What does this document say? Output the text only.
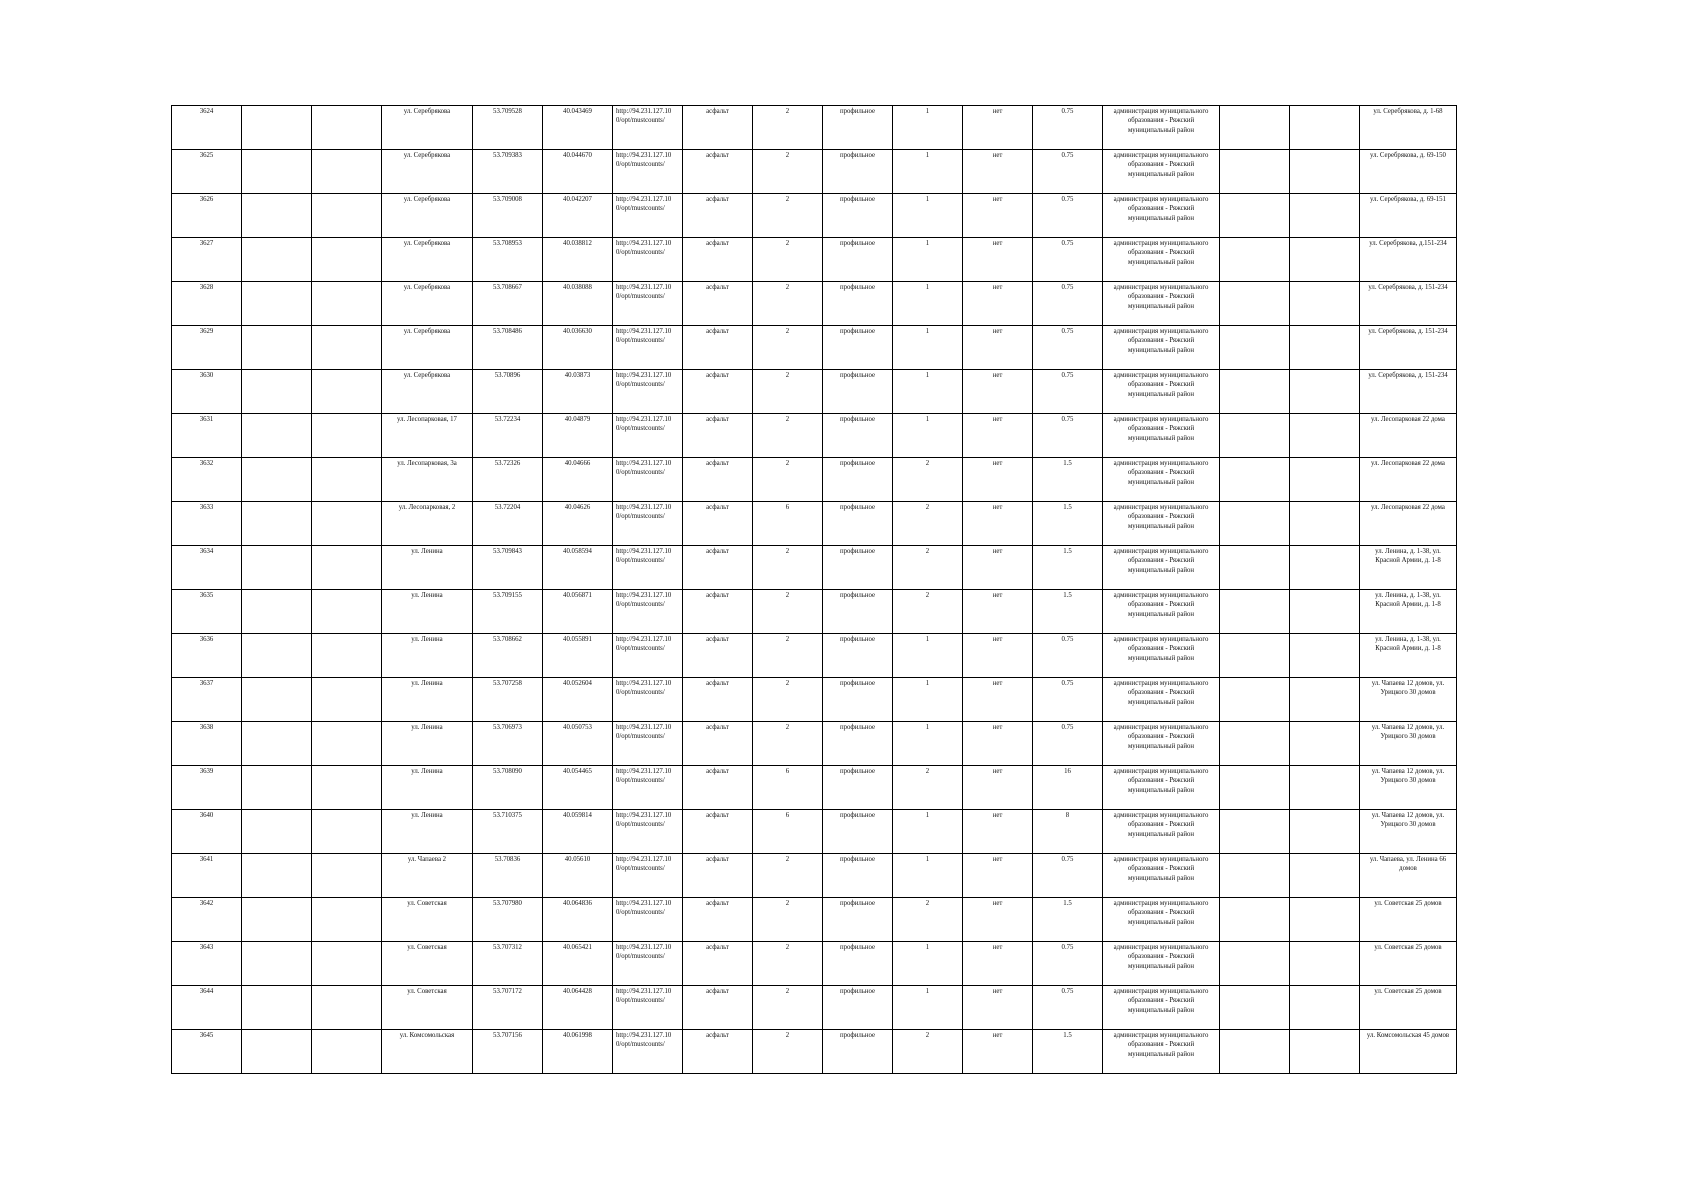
3624			ул. Серебрякова	53.709528	40.043469	http://94.231.127.10
0/opt/mustcounts/	асфальт	2	профильное	1	нет	0.75	администрация муниципального образования - Ряжский муниципальный район			ул. Серебрякова, д. 1-68
3625			ул. Серебрякова	53.709383	40.044670	http://94.231.127.10
0/opt/mustcounts/	асфальт	2	профильное	1	нет	0.75	администрация муниципального образования - Ряжский муниципальный район			ул. Серебрякова, д. 69-150
3626			ул. Серебрякова	53.709008	40.042207	http://94.231.127.10
0/opt/mustcounts/	асфальт	2	профильное	1	нет	0.75	администрация муниципального образования - Ряжский муниципальный район			ул. Серебрякова, д. 69-151
3627			ул. Серебрякова	53.708953	40.038812	http://94.231.127.10
0/opt/mustcounts/	асфальт	2	профильное	1	нет	0.75	администрация муниципального образования - Ряжский муниципальный район			ул. Серебрякова, д.151-234
3628			ул. Серебрякова	53.708667	40.038088	http://94.231.127.10
0/opt/mustcounts/	асфальт	2	профильное	1	нет	0.75	администрация муниципального образования - Ряжский муниципальный район			ул. Серебрякова, д. 151-234
3629			ул. Серебрякова	53.708486	40.036630	http://94.231.127.10
0/opt/mustcounts/	асфальт	2	профильное	1	нет	0.75	администрация муниципального образования - Ряжский муниципальный район			ул. Серебрякова, д. 151-234
3630			ул. Серебрякова	53.70896	40.03873	http://94.231.127.10
0/opt/mustcounts/	асфальт	2	профильное	1	нет	0.75	администрация муниципального образования - Ряжский муниципальный район			ул. Серебрякова, д. 151-234
3631			ул. Лесопарковая, 17	53.72234	40.04879	http://94.231.127.10
0/opt/mustcounts/	асфальт	2	профильное	1	нет	0.75	администрация муниципального образования - Ряжский муниципальный район			ул. Лесопарковая 22 дома
3632			ул. Лесопарковая, 3а	53.72326	40.04666	http://94.231.127.10
0/opt/mustcounts/	асфальт	2	профильное	2	нет	1.5	администрация муниципального образования - Ряжский муниципальный район			ул. Лесопарковая 22 дома
3633			ул. Лесопарковая, 2	53.72204	40.04626	http://94.231.127.10
0/opt/mustcounts/	асфальт	6	профильное	2	нет	1.5	администрация муниципального образования - Ряжский муниципальный район			ул. Лесопарковая 22 дома
3634			ул. Ленина	53.709843	40.058594	http://94.231.127.10
0/opt/mustcounts/	асфальт	2	профильное	2	нет	1.5	администрация муниципального образования - Ряжский муниципальный район			ул. Ленина, д. 1-38, ул. Красной Армии, д. 1-8
3635			ул. Ленина	53.709155	40.056871	http://94.231.127.10
0/opt/mustcounts/	асфальт	2	профильное	2	нет	1.5	администрация муниципального образования - Ряжский муниципальный район			ул. Ленина, д. 1-38, ул. Красной Армии, д. 1-8
3636			ул. Ленина	53.708662	40.055891	http://94.231.127.10
0/opt/mustcounts/	асфальт	2	профильное	1	нет	0.75	администрация муниципального образования - Ряжский муниципальный район			ул. Ленина, д. 1-38, ул. Красной Армии, д. 1-8
3637			ул. Ленина	53.707258	40.052604	http://94.231.127.10
0/opt/mustcounts/	асфальт	2	профильное	1	нет	0.75	администрация муниципального образования - Ряжский муниципальный район			ул. Чапаева 12 домов, ул. Урицкого 30 домов
3638			ул. Ленина	53.706973	40.050753	http://94.231.127.10
0/opt/mustcounts/	асфальт	2	профильное	1	нет	0.75	администрация муниципального образования - Ряжский муниципальный район			ул. Чапаева 12 домов, ул. Урицкого 30 домов
3639			ул. Ленина	53.708090	40.054465	http://94.231.127.10
0/opt/mustcounts/	асфальт	6	профильное	2	нет	16	администрация муниципального образования - Ряжский муниципальный район			ул. Чапаева 12 домов, ул. Урицкого 30 домов
3640			ул. Ленина	53.710375	40.059814	http://94.231.127.10
0/opt/mustcounts/	асфальт	6	профильное	1	нет	8	администрация муниципального образования - Ряжский муниципальный район			ул. Чапаева 12 домов, ул. Урицкого 30 домов
3641			ул. Чапаева 2	53.70836	40.05610	http://94.231.127.10
0/opt/mustcounts/	асфальт	2	профильное	1	нет	0.75	администрация муниципального образования - Ряжский муниципальный район			ул. Чапаева, ул. Ленина 66 домов
3642			ул. Советская	53.707980	40.064836	http://94.231.127.10
0/opt/mustcounts/	асфальт	2	профильное	2	нет	1.5	администрация муниципального образования - Ряжский муниципальный район			ул. Советская 25 домов
3643			ул. Советская	53.707312	40.065421	http://94.231.127.10
0/opt/mustcounts/	асфальт	2	профильное	1	нет	0.75	администрация муниципального образования - Ряжский муниципальный район			ул. Советская 25 домов
3644			ул. Советская	53.707172	40.064428	http://94.231.127.10
0/opt/mustcounts/	асфальт	2	профильное	1	нет	0.75	администрация муниципального образования - Ряжский муниципальный район			ул. Советская 25 домов
3645			ул. Комсомольская	53.707156	40.061998	http://94.231.127.10
0/opt/mustcounts/	асфальт	2	профильное	2	нет	1.5	администрация муниципального образования - Ряжский муниципальный район			ул. Комсомольская 45 домов
